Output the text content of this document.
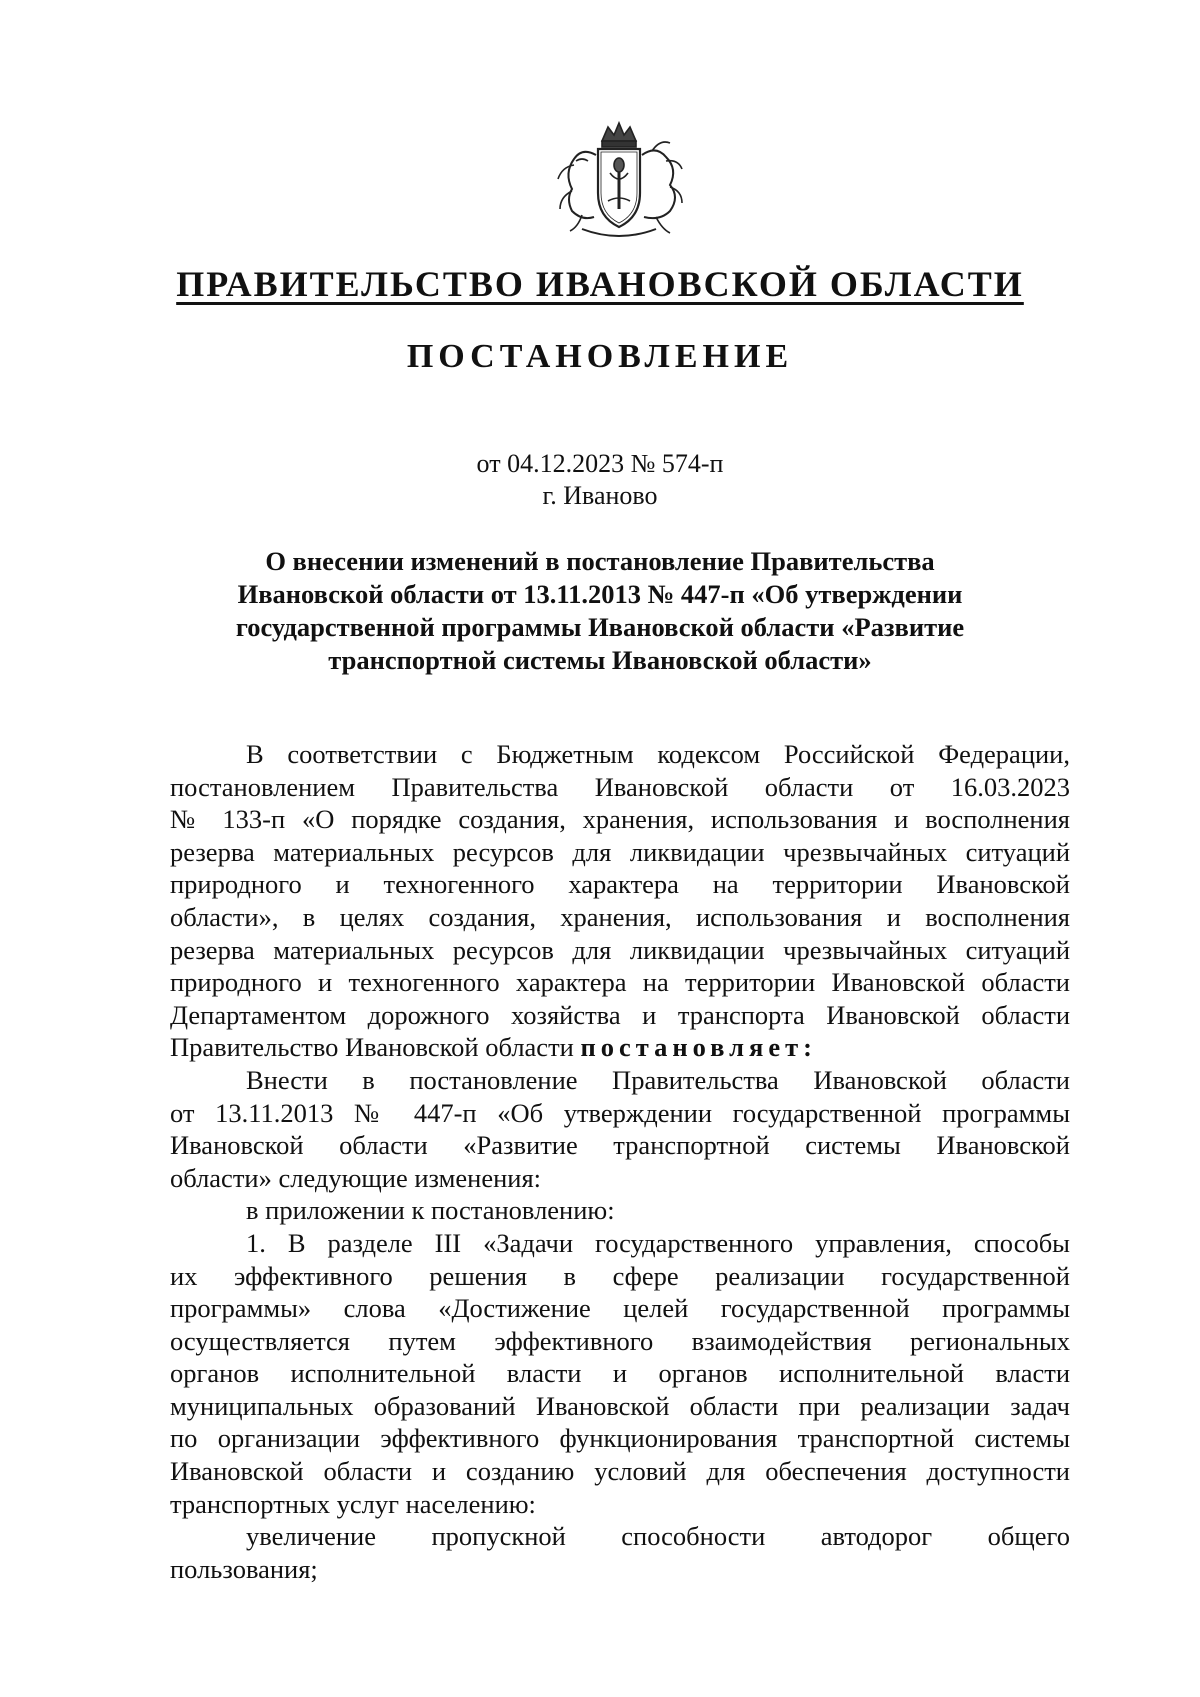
ПРАВИТЕЛЬСТВО ИВАНОВСКОЙ ОБЛАСТИ
ПОСТАНОВЛЕНИЕ
от 04.12.2023 № 574-п
г. Иваново
О внесении изменений в постановление Правительства
Ивановской области от 13.11.2013 № 447-п «Об утверждении
государственной программы Ивановской области «Развитие
транспортной системы Ивановской области»
В соответствии с Бюджетным кодексом Российской Федерации,
постановлением Правительства Ивановской области от 16.03.2023
№ 133-п «О порядке создания, хранения, использования и восполнения
резерва материальных ресурсов для ликвидации чрезвычайных ситуаций
природного и техногенного характера на территории Ивановской
области», в целях создания, хранения, использования и восполнения
резерва материальных ресурсов для ликвидации чрезвычайных ситуаций
природного и техногенного характера на территории Ивановской области
Департаментом дорожного хозяйства и транспорта Ивановской области
Правительство Ивановской области постановляет:
Внести в постановление Правительства Ивановской области
от 13.11.2013 № 447-п «Об утверждении государственной программы
Ивановской области «Развитие транспортной системы Ивановской
области» следующие изменения:
в приложении к постановлению:
1. В разделе III «Задачи государственного управления, способы
их эффективного решения в сфере реализации государственной
программы» слова «Достижение целей государственной программы
осуществляется путем эффективного взаимодействия региональных
органов исполнительной власти и органов исполнительной власти
муниципальных образований Ивановской области при реализации задач
по организации эффективного функционирования транспортной системы
Ивановской области и созданию условий для обеспечения доступности
транспортных услуг населению:
увеличение пропускной способности автодорог общего
пользования;
